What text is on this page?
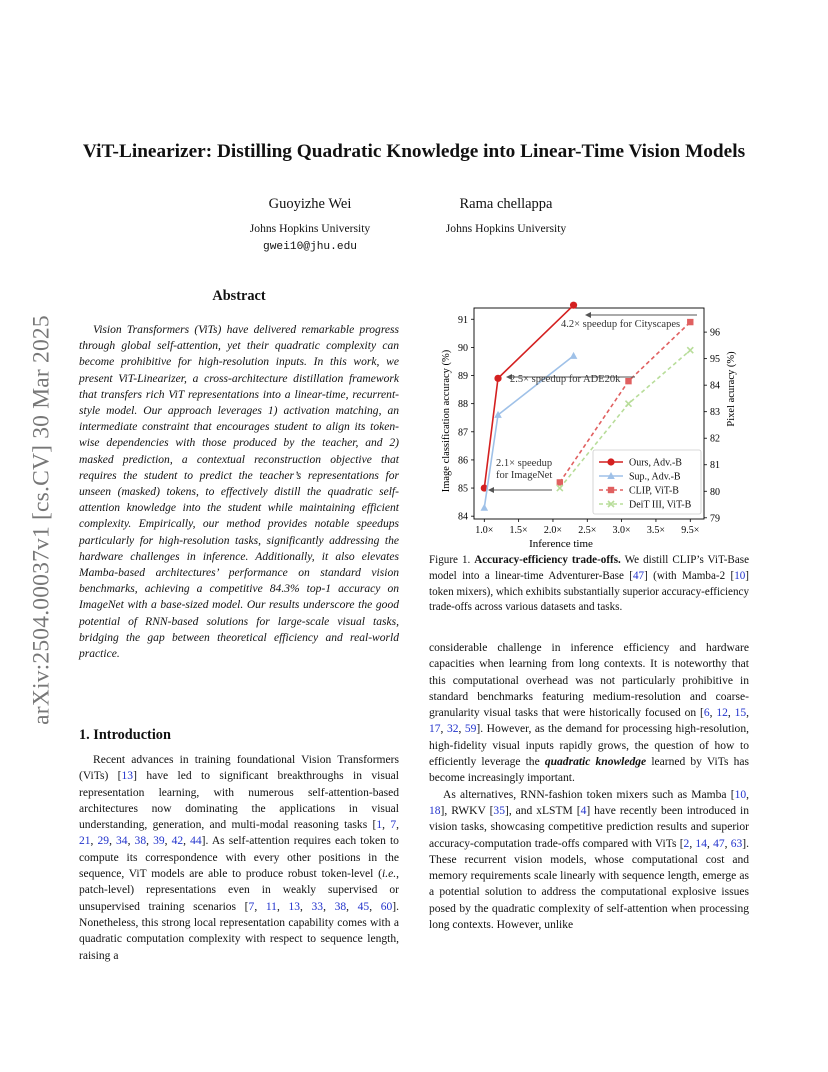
arXiv:2504.00037v1 [cs.CV] 30 Mar 2025
ViT-Linearizer: Distilling Quadratic Knowledge into Linear-Time Vision Models
Guoyizhe Wei
Johns Hopkins University
gwei10@jhu.edu
Rama chellappa
Johns Hopkins University
Abstract

Vision Transformers (ViTs) have delivered remarkable progress through global self-attention, yet their quadratic complexity can become prohibitive for high-resolution inputs. In this work, we present ViT-Linearizer, a cross-architecture distillation framework that transfers rich ViT representations into a linear-time, recurrent-style model. Our approach leverages 1) activation matching, an intermediate constraint that encourages student to align its token-wise dependencies with those produced by the teacher, and 2) masked prediction, a contextual reconstruction objective that requires the student to predict the teacher’s representations for unseen (masked) tokens, to effectively distill the quadratic self-attention knowledge into the student while maintaining efficient complexity. Empirically, our method provides notable speedups particularly for high-resolution tasks, significantly addressing the hardware challenges in inference. Additionally, it also elevates Mamba-based architectures’ performance on standard vision benchmarks, achieving a competitive 84.3% top-1 accuracy on ImageNet with a base-sized model. Our results underscore the good potential of RNN-based solutions for large-scale visual tasks, bridging the gap between theoretical efficiency and real-world practice.

1. Introduction

Recent advances in training foundational Vision Transformers (ViTs) [13] have led to significant breakthroughs in visual representation learning, with numerous self-attention-based architectures now dominating the applications in visual understanding, generation, and multi-modal reasoning tasks [1, 7, 21, 29, 34, 38, 39, 42, 44]. As self-attention requires each token to compute its correspondence with every other positions in the sequence, ViT models are able to produce robust token-level (i.e., patch-level) representations even in weakly supervised or unsupervised training scenarios [7, 11, 13, 33, 38, 45, 60]. Nonetheless, this strong local representation capability comes with a quadratic computation complexity with respect to sequence length, raising a

84
85
86
87
88
89
90
91
79
80
81
82
83
84
95
96
1.0× 1.5× 2.0× 2.5× 3.0× 3.5× 9.5×
4.2× speedup for Cityscapes
2.5× speedup for ADE20k
2.1× speedup
for ImageNet
Ours, Adv.-B
Sup., Adv.-B
CLIP, ViT-B
DeiT III, ViT-B
Inference time
Image classification accuracy (%)	Pixel acuracy (%)

Figure 1. Accuracy-efficiency trade-offs. We distill CLIP’s ViT-Base model into a linear-time Adventurer-Base [47] (with Mamba-2 [10] token mixers), which exhibits substantially superior accuracy-efficiency trade-offs across various datasets and tasks.

considerable challenge in inference efficiency and hardware capacities when learning from long contexts. It is noteworthy that this computational overhead was not particularly prohibitive in standard benchmarks featuring medium-resolution and coarse-granularity visual tasks that were historically focused on [6, 12, 15, 17, 32, 59]. However, as the demand for processing high-resolution, high-fidelity visual inputs rapidly grows, the question of how to efficiently leverage the quadratic knowledge learned by ViTs has become increasingly important.
As alternatives, RNN-fashion token mixers such as Mamba [10, 18], RWKV [35], and xLSTM [4] have recently been introduced in vision tasks, showcasing competitive prediction results and superior accuracy-computation trade-offs compared with ViTs [2, 14, 47, 63]. These recurrent vision models, whose computational cost and memory requirements scale linearly with sequence length, emerge as a potential solution to address the computational explosive issues posed by the quadratic complexity of self-attention when processing long contexts. However, unlike
